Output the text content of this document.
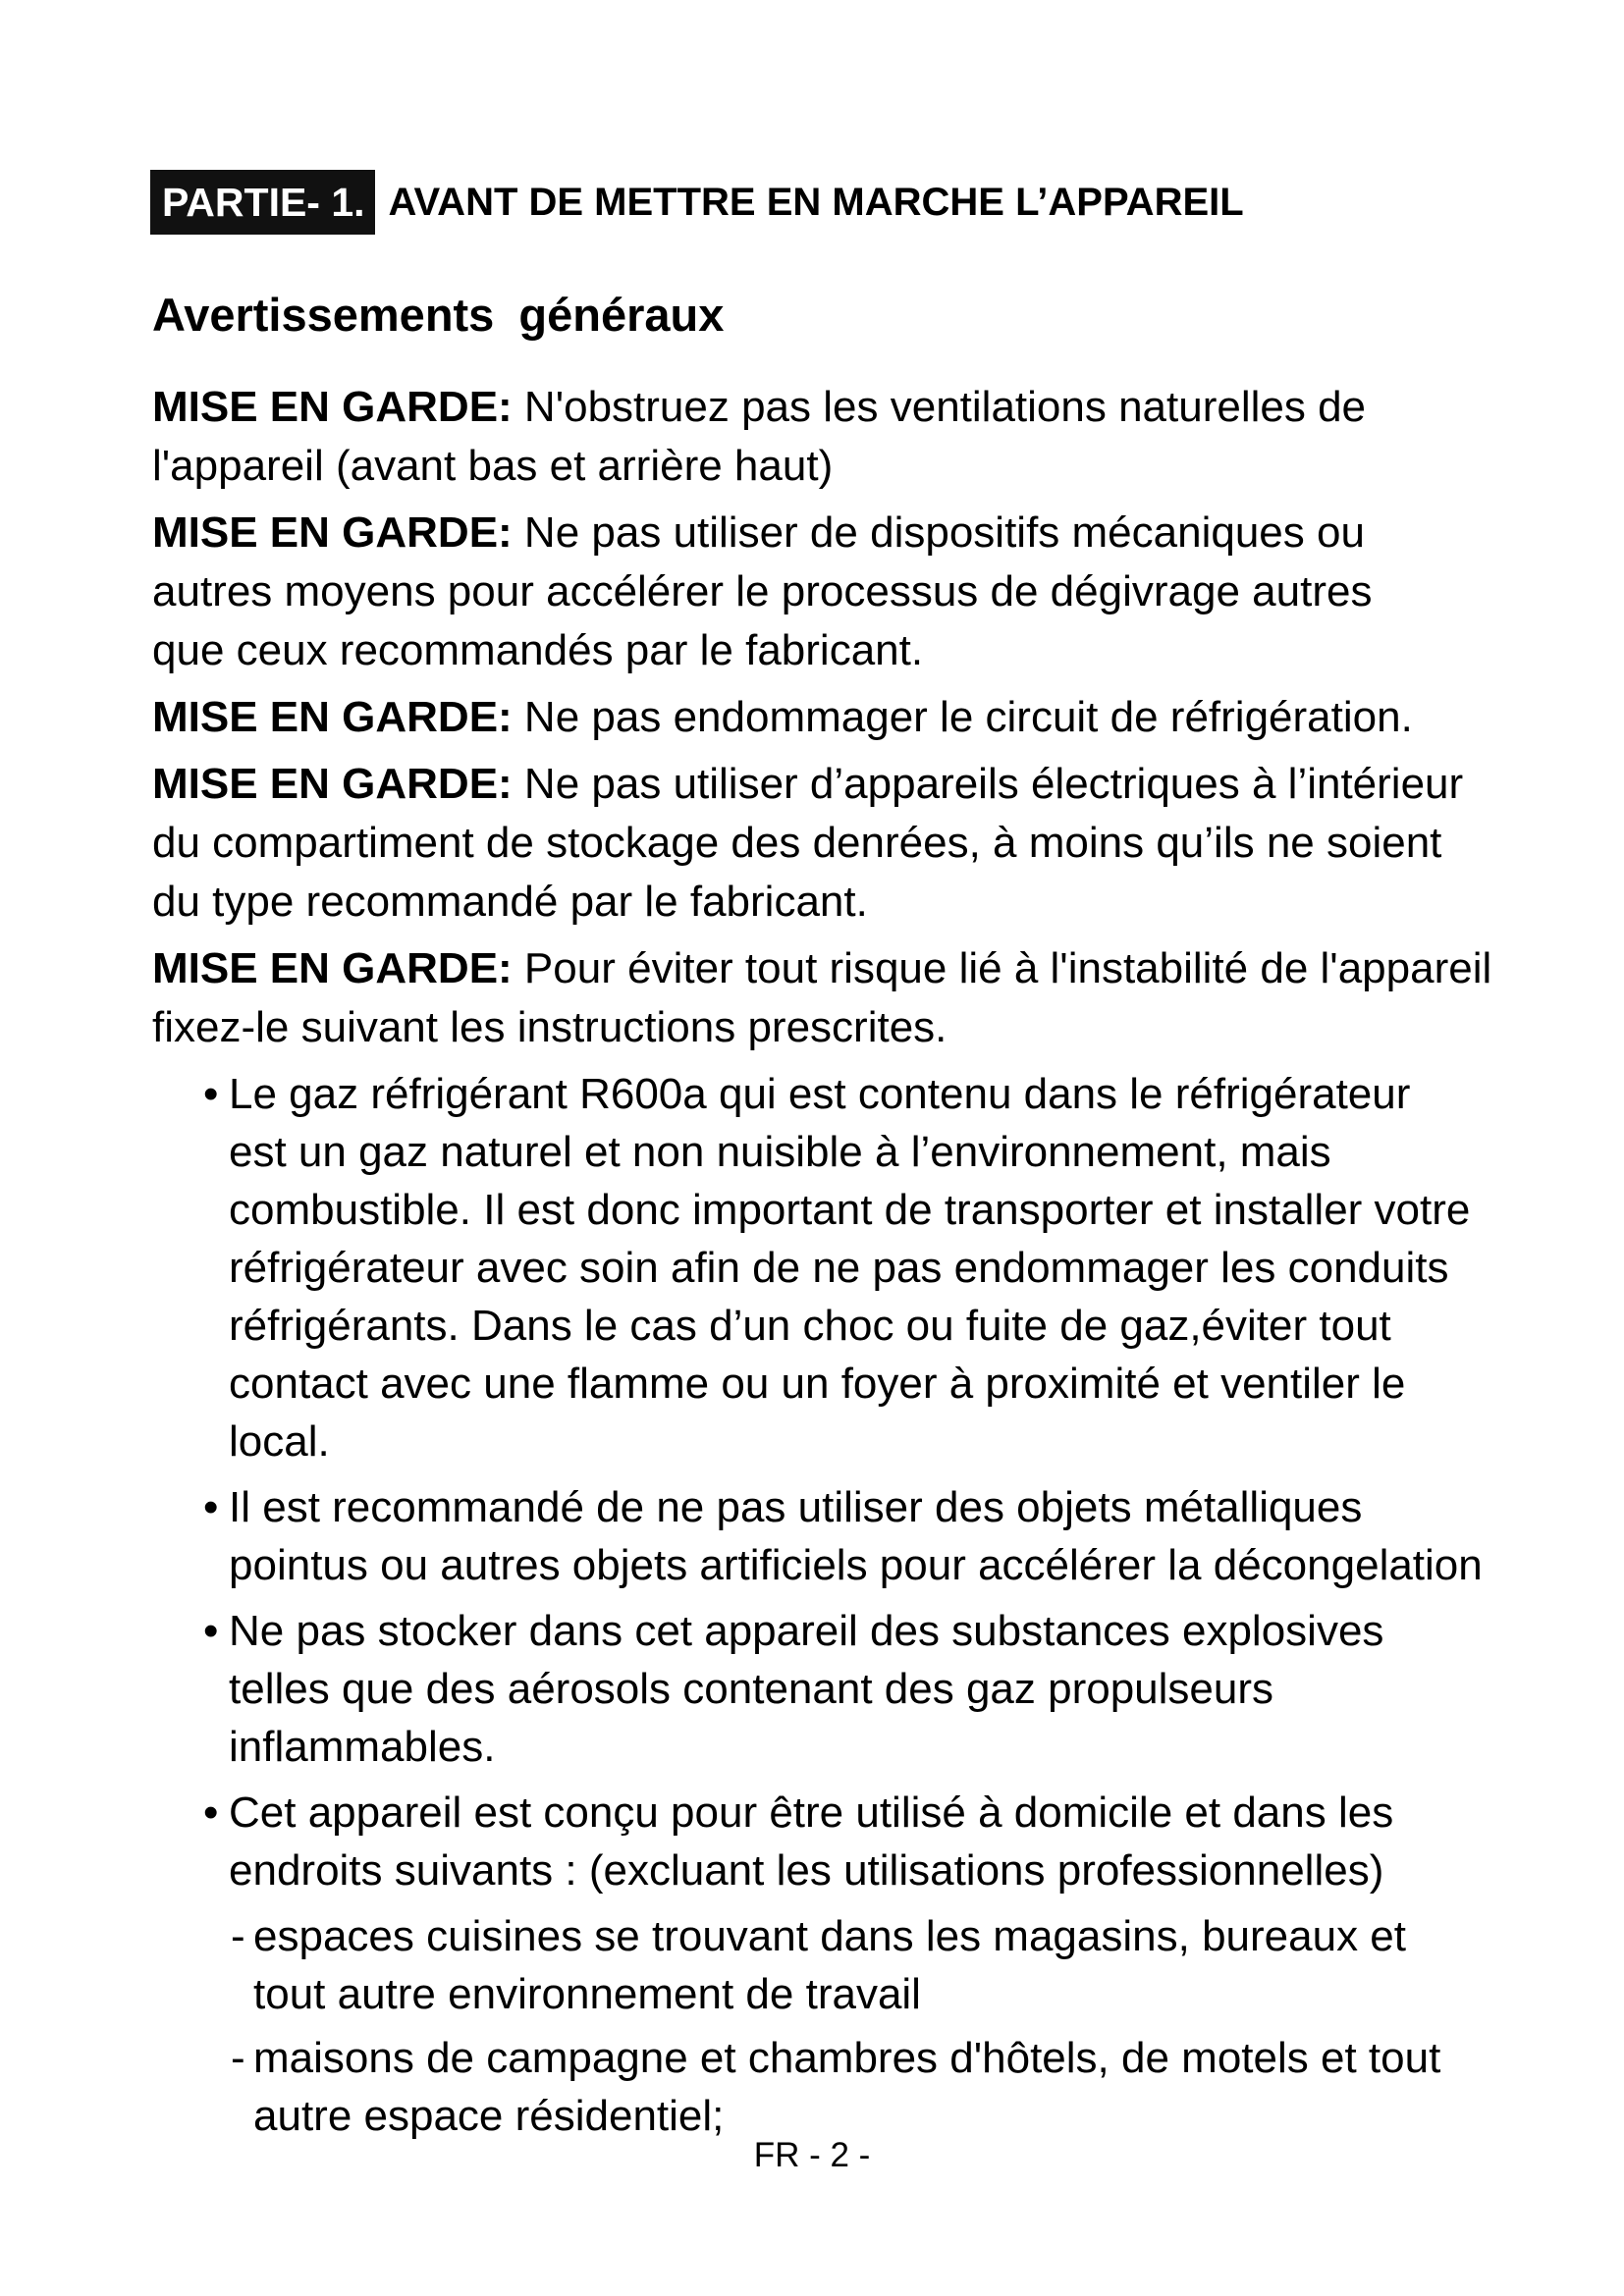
PARTIE- 1. AVANT DE METTRE EN MARCHE L’APPAREIL
Avertissements généraux
MISE EN GARDE: N'obstruez pas les ventilations naturelles de
l'appareil (avant bas et arrière haut)
MISE EN GARDE: Ne pas utiliser de dispositifs mécaniques ou
autres moyens pour accélérer le processus de dégivrage autres
que ceux recommandés par le fabricant.
MISE EN GARDE: Ne pas endommager le circuit de réfrigération.
MISE EN GARDE: Ne pas utiliser d’appareils électriques à l’intérieur
du compartiment de stockage des denrées, à moins qu’ils ne soient
du type recommandé par le fabricant.
MISE EN GARDE: Pour éviter tout risque lié à l'instabilité de l'appareil
fixez-le suivant les instructions prescrites.
• Le gaz réfrigérant R600a qui est contenu dans le réfrigérateur
est un gaz naturel et non nuisible à l’environnement, mais
combustible. Il est donc important de transporter et installer votre
réfrigérateur avec soin afin de ne pas endommager les conduits
réfrigérants. Dans le cas d’un choc ou fuite de gaz,éviter tout
contact avec une flamme ou un foyer à proximité et ventiler le
local.
• Il est recommandé de ne pas utiliser des objets métalliques
pointus ou autres objets artificiels pour accélérer la décongelation
• Ne pas stocker dans cet appareil des substances explosives
telles que des aérosols contenant des gaz propulseurs
inflammables.
• Cet appareil est conçu pour être utilisé à domicile et dans les
endroits suivants : (excluant les utilisations professionnelles)
- espaces cuisines se trouvant dans les magasins, bureaux et
tout autre environnement de travail
- maisons de campagne et chambres d'hôtels, de motels et tout
autre espace résidentiel;
FR - 2 -
